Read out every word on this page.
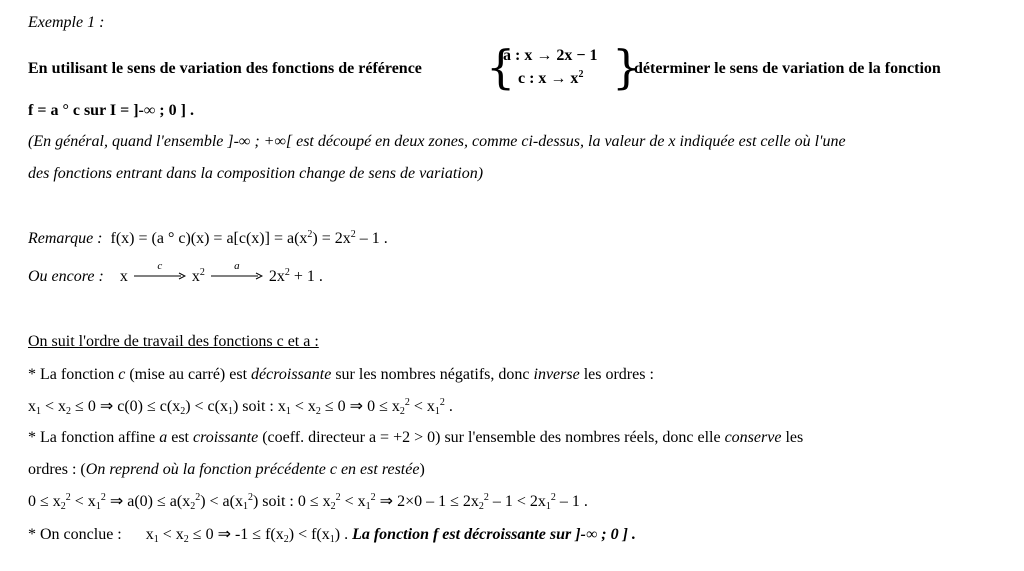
Exemple 1 :
En utilisant le sens de variation des fonctions de référence {
a : x → 2x − 1
c : $x \to x^2$ }
, déterminer le sens de variation de la fonction
f = a ° c sur I = ]-∞ ; 0 ] .
(En général, quand l'ensemble ]-∞ ; +∞[ est découpé en deux zones, comme ci-dessus, la valeur de x indiquée est celle où l'une
des fonctions entrant dans la composition change de sens de variation)
Remarque : f(x) = (a ° $c)(x) = a[c(x)] = a(x^2) = 2x^2 - 1$ .
Ou encore : x
c
$x^2$
a
$2x^2 + 1$ .
On suit l'ordre de travail des fonctions c et a :
* La fonction c (mise au carré) est décroissante sur les nombres négatifs, donc inverse les ordres :
$x_1 < x_2 \le 0$ ⇒ $c(0) \le c(x_2) < c(x_1)$ soit : $x_1 < x_2 \le 0$ ⇒ $0 \le x_2^2 < x_1^2$ .
* La fonction affine a est croissante (coeff. directeur a = +2 > 0) sur l'ensemble des nombres réels, donc elle conserve les
ordres : (On reprend où la fonction précédente c en est restée)
$0 \le x_2^2 < x_1^2$ ⇒ $a(0) \le a(x_2^2) < a(x_1^2)$ soit : $0 \le x_2^2 < x_1^2$ ⇒ $2\times 0 - 1 \le 2x_2^2 - 1 < 2x_1^2 - 1$ .
* On conclue : $x_1 < x_2 \le 0$ ⇒ $-1 \le f(x_2) < f(x_1)$ . La fonction f est décroissante sur ]-∞ ; 0 ] .
